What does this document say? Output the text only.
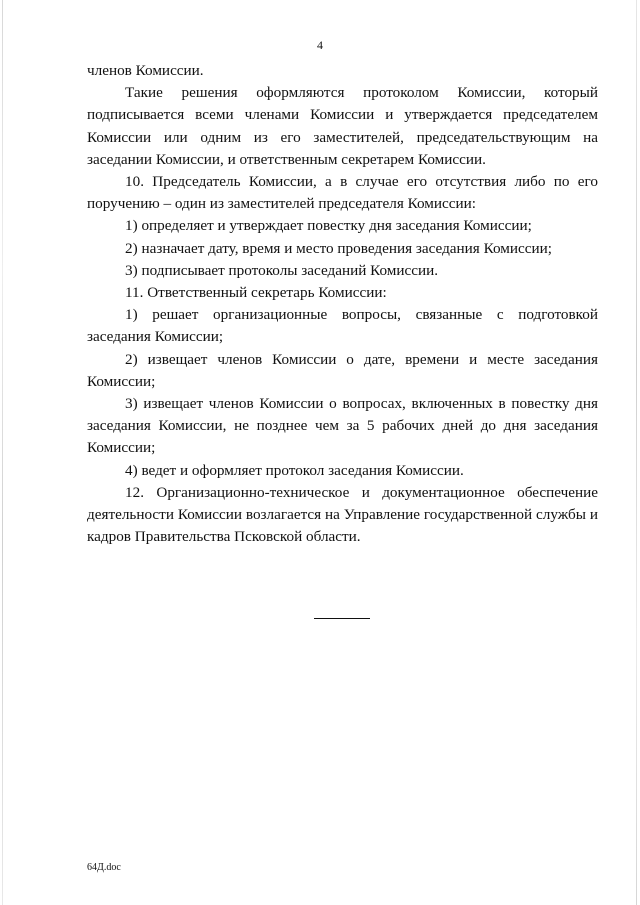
4

членов Комиссии.

Такие решения оформляются протоколом Комиссии, который подписывается всеми членами Комиссии и утверждается председателем Комиссии или одним из его заместителей, председательствующим на заседании Комиссии, и ответственным секретарем Комиссии.

10. Председатель Комиссии, а в случае его отсутствия либо по его поручению – один из заместителей председателя Комиссии:

1) определяет и утверждает повестку дня заседания Комиссии;

2) назначает дату, время и место проведения заседания Комиссии;

3) подписывает протоколы заседаний Комиссии.

11. Ответственный секретарь Комиссии:

1) решает организационные вопросы, связанные с подготовкой заседания Комиссии;

2) извещает членов Комиссии о дате, времени и месте заседания Комиссии;

3) извещает членов Комиссии о вопросах, включенных в повестку дня заседания Комиссии, не позднее чем за 5 рабочих дней до дня заседания Комиссии;

4) ведет и оформляет протокол заседания Комиссии.

12. Организационно-техническое и документационное обеспечение деятельности Комиссии возлагается на Управление государственной службы и кадров Правительства Псковской области.

64Д.doc
